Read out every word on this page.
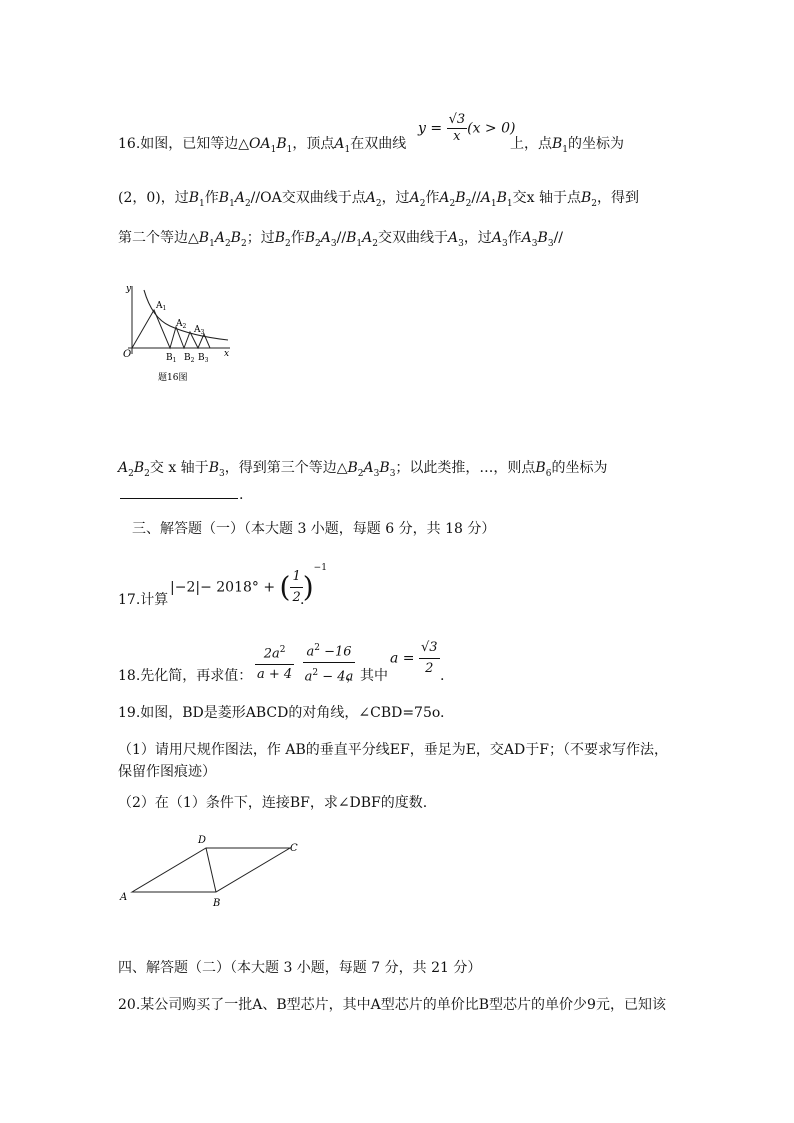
16.如图，已知等边$\triangle OA_1B_1$，顶点$A_1$在双曲线
$y = \frac{√3}{x} (x > 0)$
上，点$B_1$的坐标为
(2，0)，过$B_1$作$B_1A_2//OA$交双曲线于点$A_2$，过$A_2$作$A_2B_2//A_1B_1$交x 轴于点$B_2$，得到
第二个等边$\triangle B_1A_2B_2$；过$B_2$作$B_2A_3//B_1A_2$交双曲线于$A_3$，过$A_3$作$A_3B_3//$
y
x
O
$A_1$
$A_2$ $A_3$
$B_1$ $B_2$ $B_3$
题16图
$A_2B_2$交 x 轴于$B_3$，得到第三个等边$\triangle B_2A_3B_3$；以此类推，…，则点$B_6$的坐标为
.
三、解答题（一）（本大题 3 小题，每题 6 分，共 18 分）
17.计算
|−2|− 2018° + ( $\frac{1}{2} )^{-1}$
.
18.先化简，再求值： $\frac{2a^2}{a + 4}$
$\frac{a^2 -16}{a^2 - 4a}$
，其中
$a = \frac{√3}{2}$ .
19.如图，BD是菱形ABCD的对角线，∠CBD=75o.
（1）请用尺规作图法，作 AB的垂直平分线EF，垂足为E，交AD于F；（不要求写作法，
保留作图痕迹）
（2）在（1）条件下，连接BF，求∠DBF的度数.
A
D
C
B
四、解答题（二）（本大题 3 小题，每题 7 分，共 21 分）
20.某公司购买了一批A、B型芯片，其中A型芯片的单价比B型芯片的单价少9元，已知该
